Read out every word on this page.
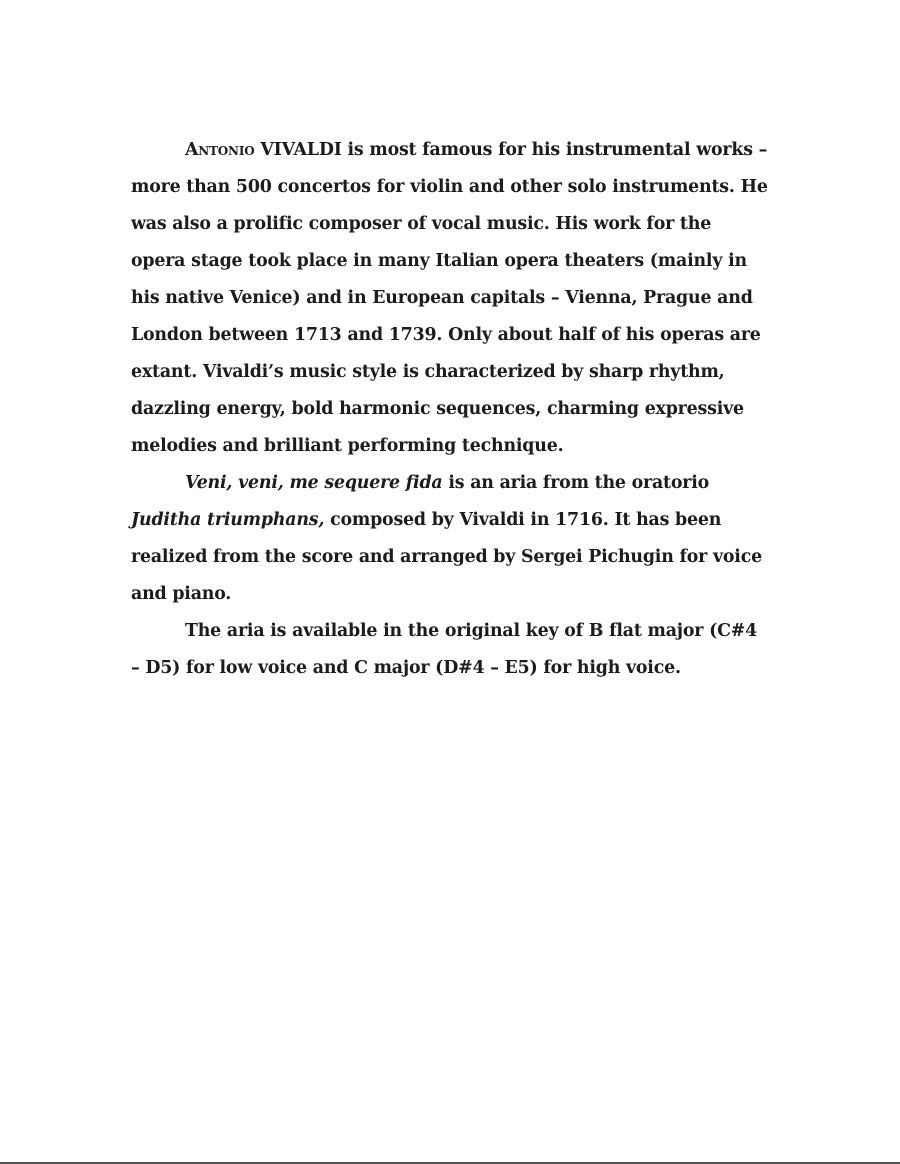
Antonio VIVALDI is most famous for his instrumental works – more than 500 concertos for violin and other solo instruments. He was also a prolific composer of vocal music. His work for the opera stage took place in many Italian opera theaters (mainly in his native Venice) and in European capitals – Vienna, Prague and London between 1713 and 1739. Only about half of his operas are extant. Vivaldi’s music style is characterized by sharp rhythm, dazzling energy, bold harmonic sequences, charming expressive melodies and brilliant performing technique.

Veni, veni, me sequere fida is an aria from the oratorio Juditha triumphans, composed by Vivaldi in 1716. It has been realized from the score and arranged by Sergei Pichugin for voice and piano.

The aria is available in the original key of B flat major (C#4 – D5) for low voice and C major (D#4 – E5) for high voice.
